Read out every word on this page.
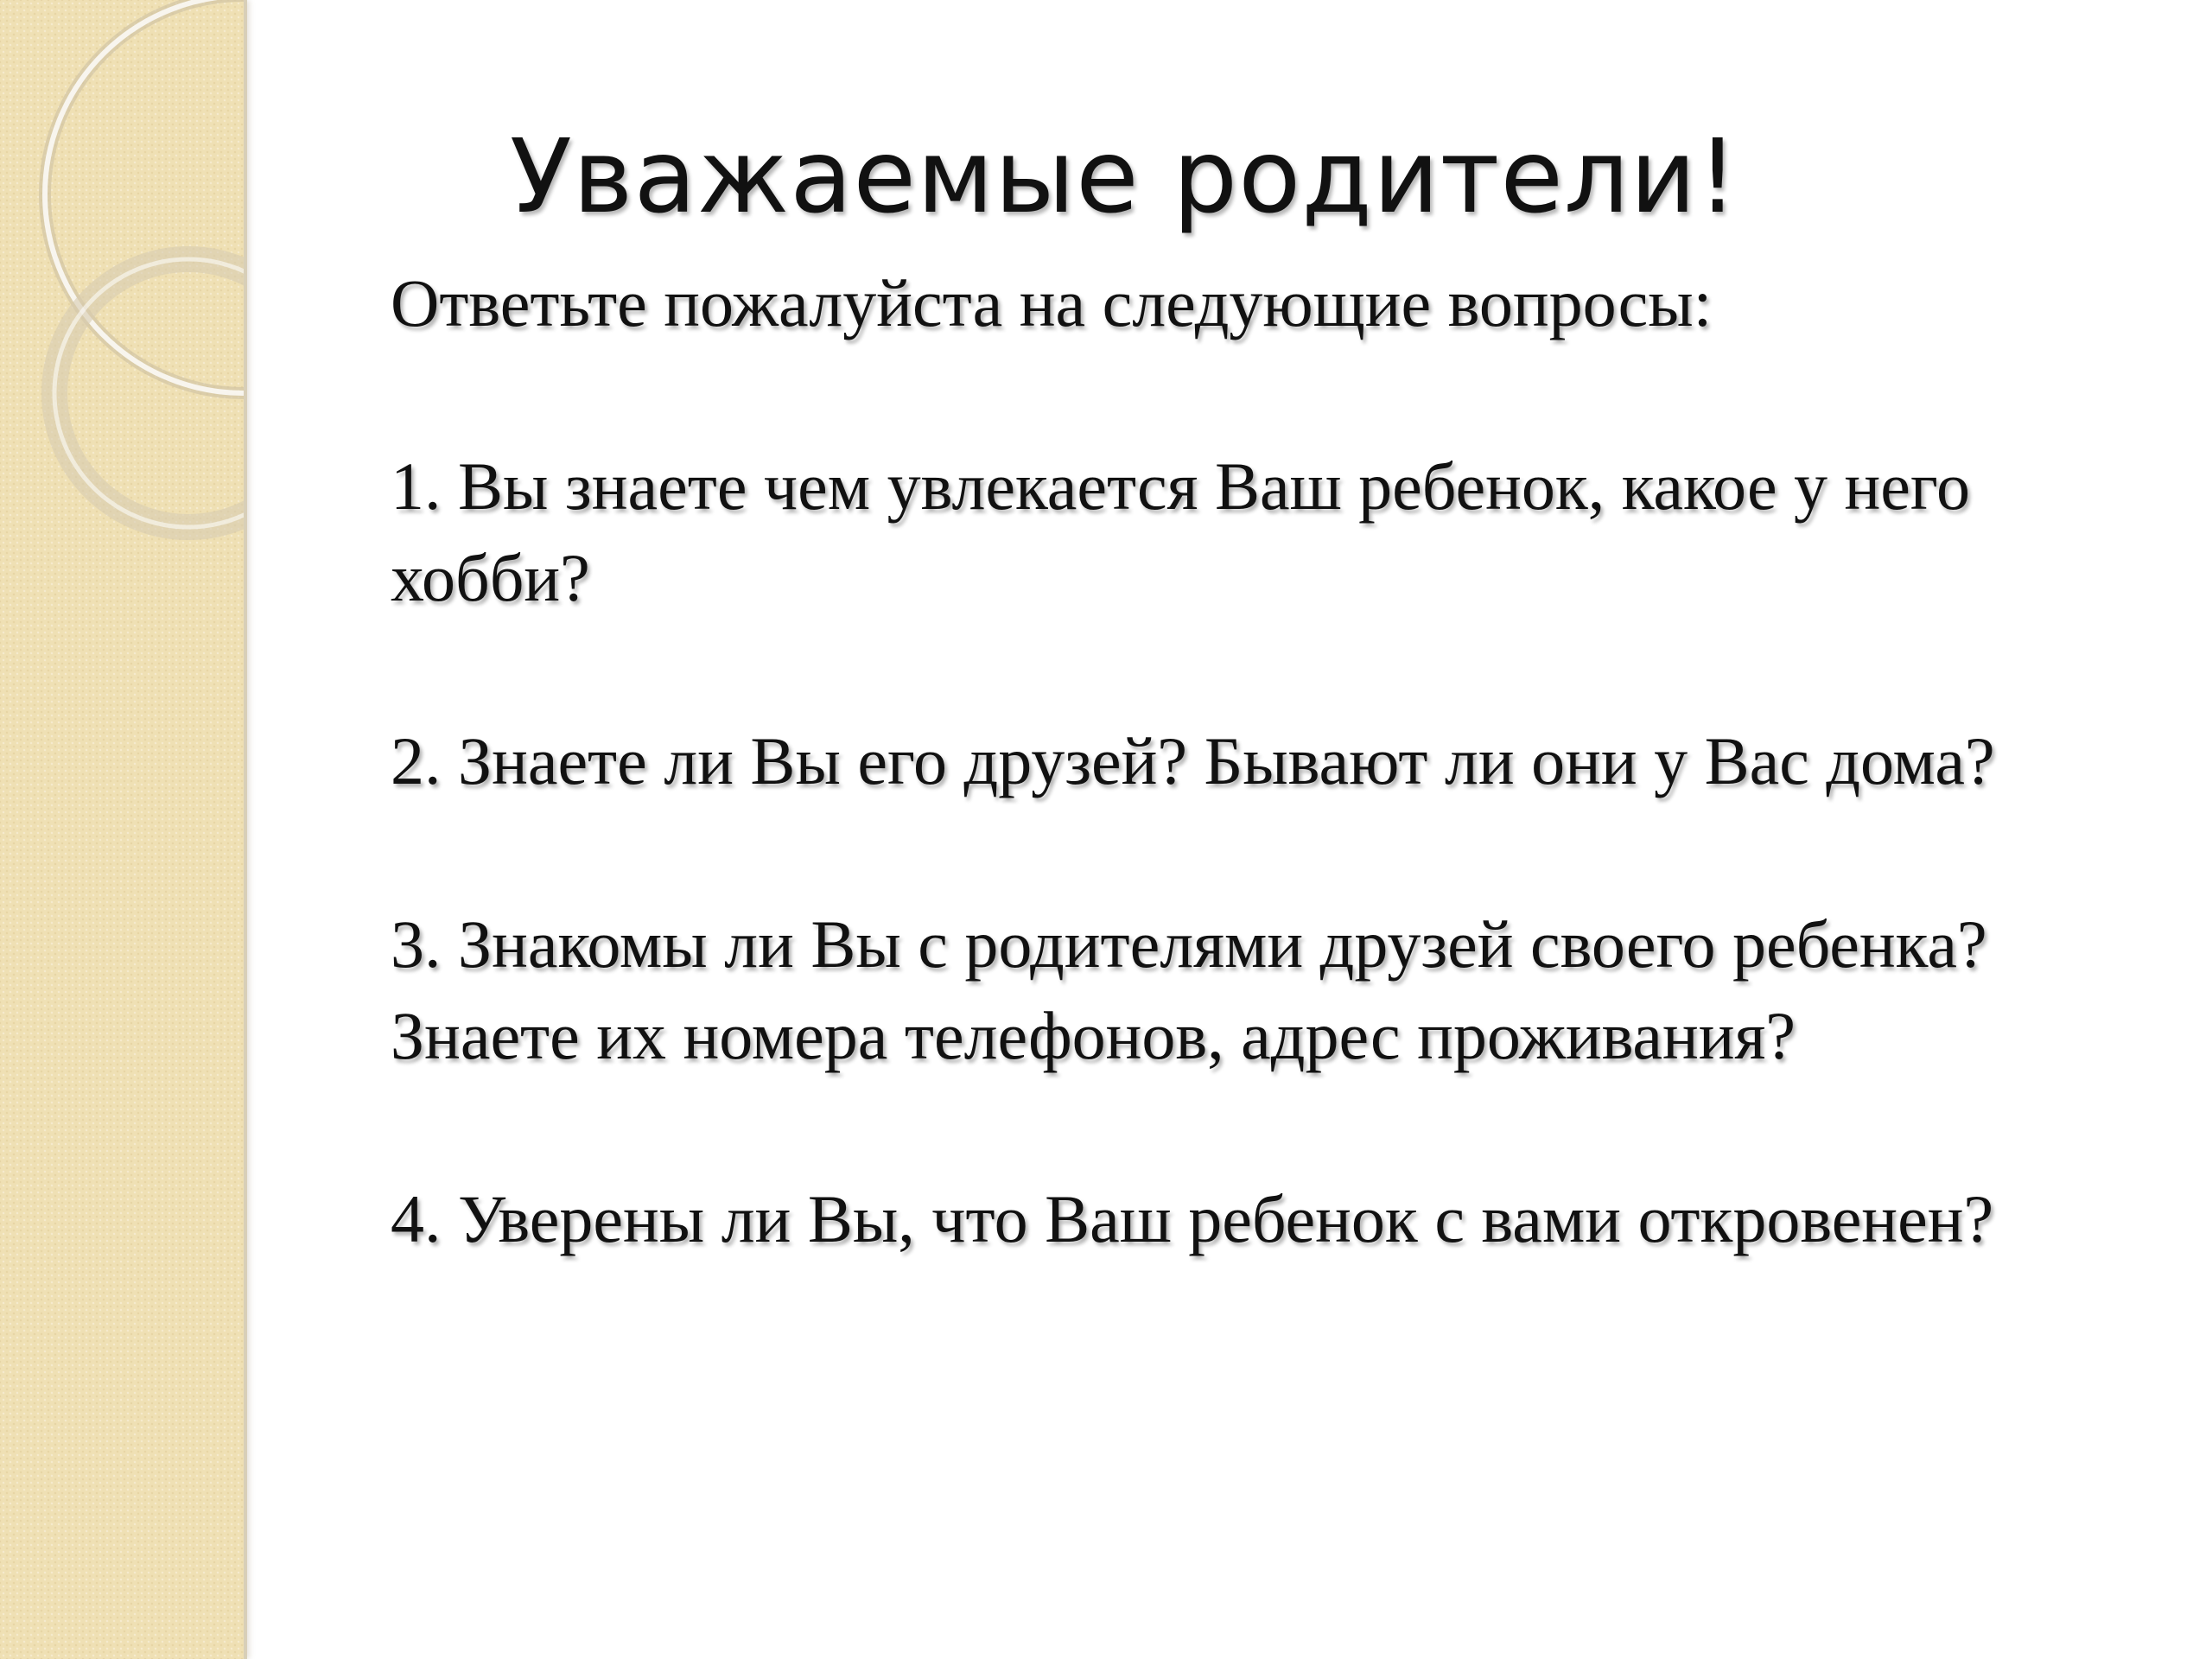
Уважаемые родители!

Ответьте пожалуйста на следующие вопросы:

1. Вы знаете чем увлекается Ваш ребенок, какое у него хобби?

2. Знаете ли Вы его друзей? Бывают ли они у Вас дома?

3. Знакомы ли Вы с родителями друзей своего ребенка? Знаете их номера телефонов, адрес проживания?

4. Уверены ли Вы, что Ваш ребенок с вами откровенен?
